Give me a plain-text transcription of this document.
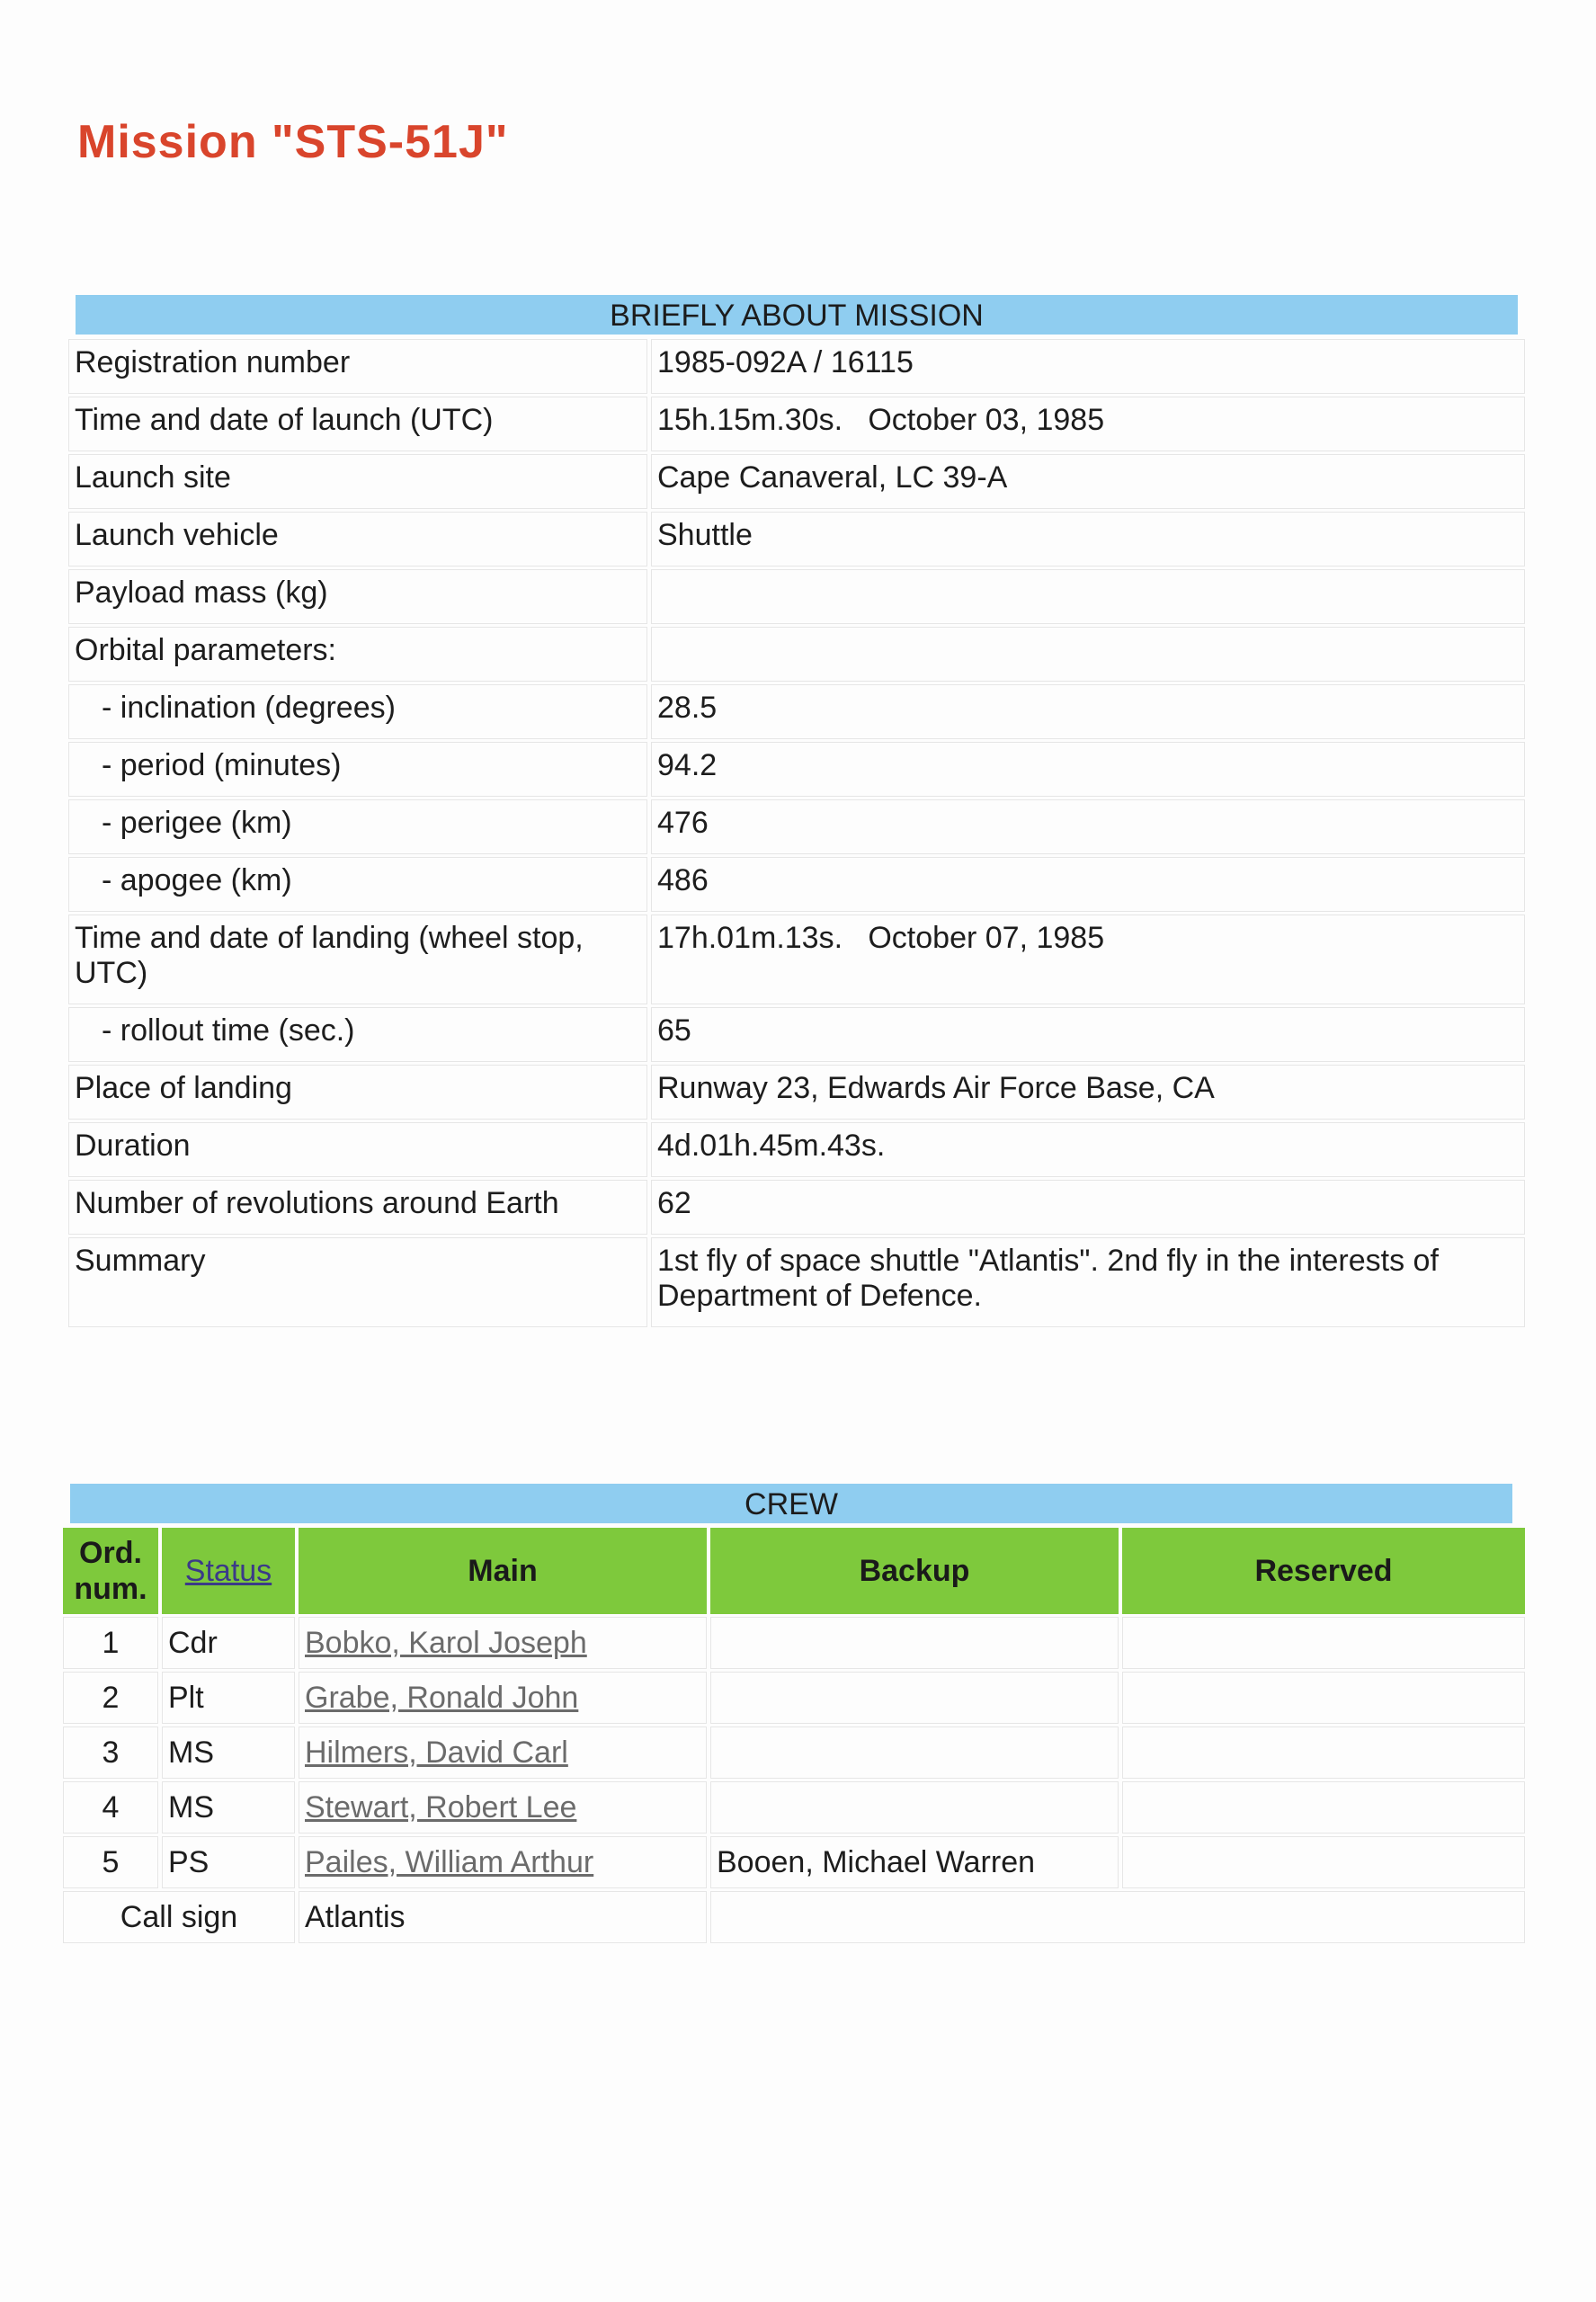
Mission "STS-51J"
BRIEFLY ABOUT MISSION
Registration number	1985-092A / 16115
Time and date of launch (UTC)	15h.15m.30s.   October 03, 1985
Launch site	Cape Canaveral, LC 39-A
Launch vehicle	Shuttle
Payload mass (kg)	
Orbital parameters:	
- inclination (degrees)	28.5
- period (minutes)	94.2
- perigee (km)	476
- apogee (km)	486
Time and date of landing (wheel stop, UTC)	17h.01m.13s.   October 07, 1985
- rollout time (sec.)	65
Place of landing	Runway 23, Edwards Air Force Base, CA
Duration	4d.01h.45m.43s.
Number of revolutions around Earth	62
Summary	1st fly of space shuttle "Atlantis". 2nd fly in the interests of Department of Defence.
CREW
Ord. num.	Status	Main	Backup	Reserved
1	Cdr	Bobko, Karol Joseph		
2	Plt	Grabe, Ronald John		
3	MS	Hilmers, David Carl		
4	MS	Stewart, Robert Lee		
5	PS	Pailes, William Arthur	Booen, Michael Warren	
Call sign		Atlantis		
